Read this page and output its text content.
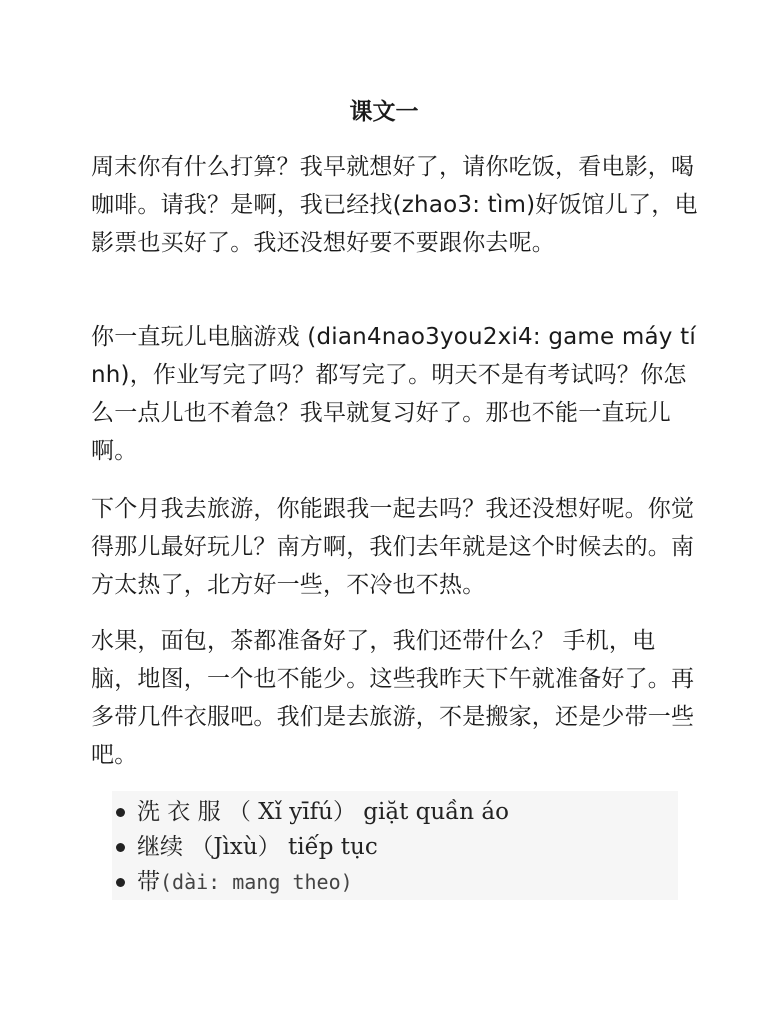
课文一

周末你有什么打算？我早就想好了，请你吃饭，看电影，喝咖啡。请我？是啊，我已经找(zhao3: tìm)好饭馆儿了，电影票也买好了。我还没想好要不要跟你去呢。

你一直玩儿电脑游戏 (dian4nao3you2xi4: game máy tính)，作业写完了吗？都写完了。明天不是有考试吗？你怎么一点儿也不着急？我早就复习好了。那也不能一直玩儿啊。

下个月我去旅游，你能跟我一起去吗？我还没想好呢。你觉得那儿最好玩儿？南方啊，我们去年就是这个时候去的。南方太热了，北方好一些，不冷也不热。

水果，面包，茶都准备好了，我们还带什么？ 手机，电脑，地图，一个也不能少。这些我昨天下午就准备好了。再多带几件衣服吧。我们是去旅游，不是搬家，还是少带一些吧。

洗 衣 服 （ Xǐ yīfú） giặt quần áo
继续 （Jìxù） tiếp tục
带(dài: mang theo)
